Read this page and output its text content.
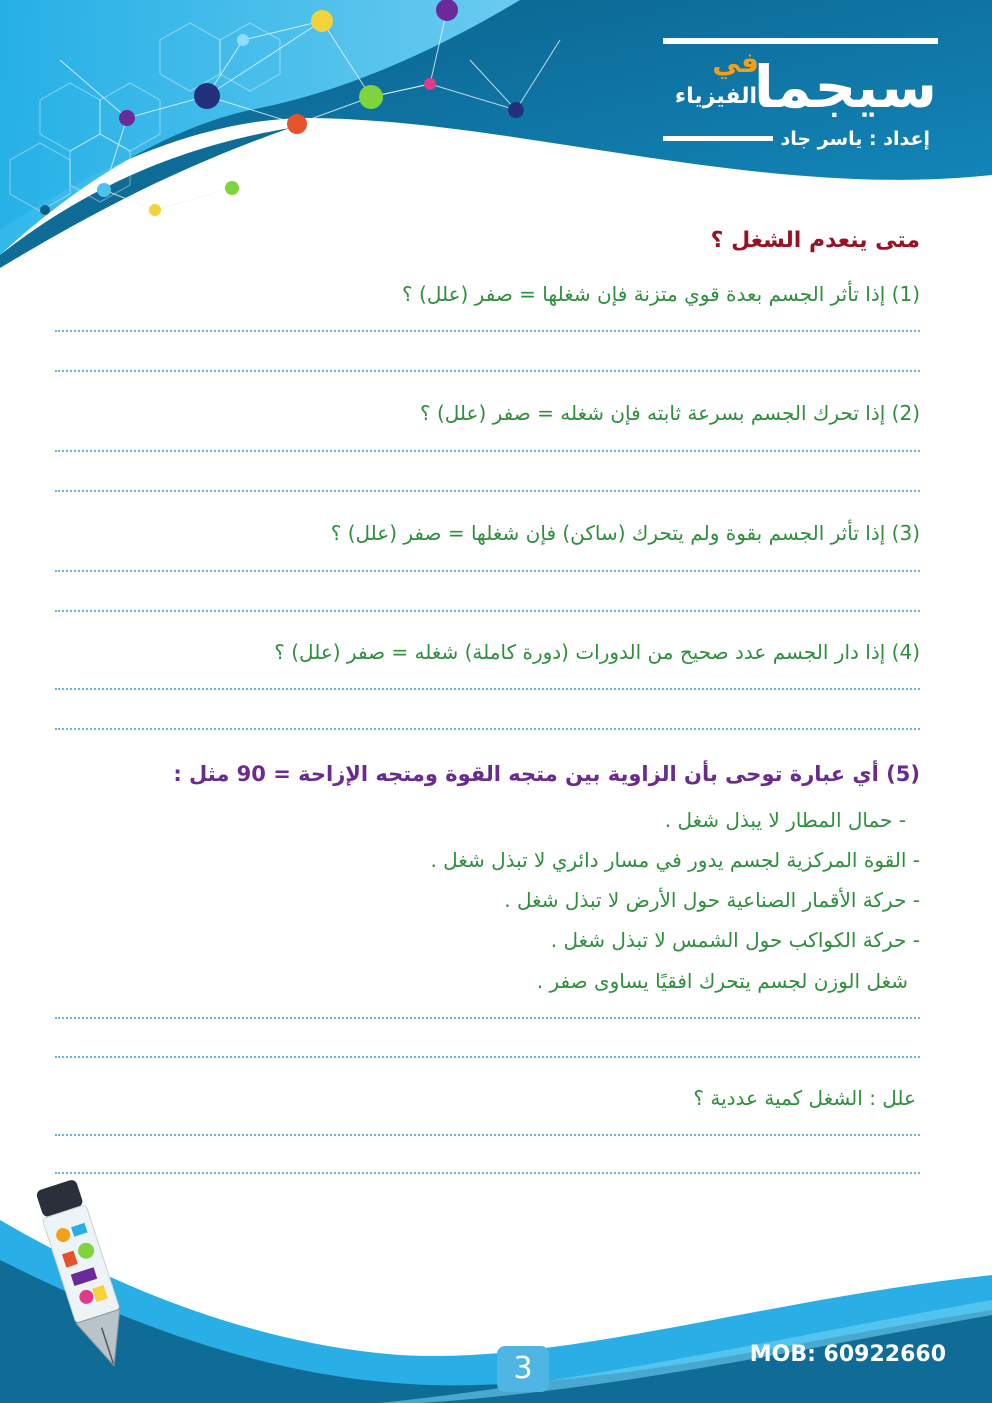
في
الفيزياء
سيجما
إعداد : ياسر جاد
متى ينعدم الشغل ؟
(1) إذا تأثر الجسم بعدة قوي متزنة فإن شغلها = صفر (علل) ؟
(2) إذا تحرك الجسم بسرعة ثابته فإن شغله = صفر (علل) ؟
(3) إذا تأثر الجسم بقوة ولم يتحرك (ساكن) فإن شغلها = صفر (علل) ؟
(4) إذا دار الجسم عدد صحيح من الدورات (دورة كاملة) شغله = صفر (علل) ؟
(5) أي عبارة توحى بأن الزاوية بين متجه القوة ومتجه الإزاحة = 90 مثل :
- حمال المطار لا يبذل شغل .
- القوة المركزية لجسم يدور في مسار دائري لا تبذل شغل .
- حركة الأقمار الصناعية حول الأرض لا تبذل شغل .
- حركة الكواكب حول الشمس لا تبذل شغل .
شغل الوزن لجسم يتحرك افقيًا يساوى صفر .
علل : الشغل كمية عددية ؟
MOB: 60922660
3
